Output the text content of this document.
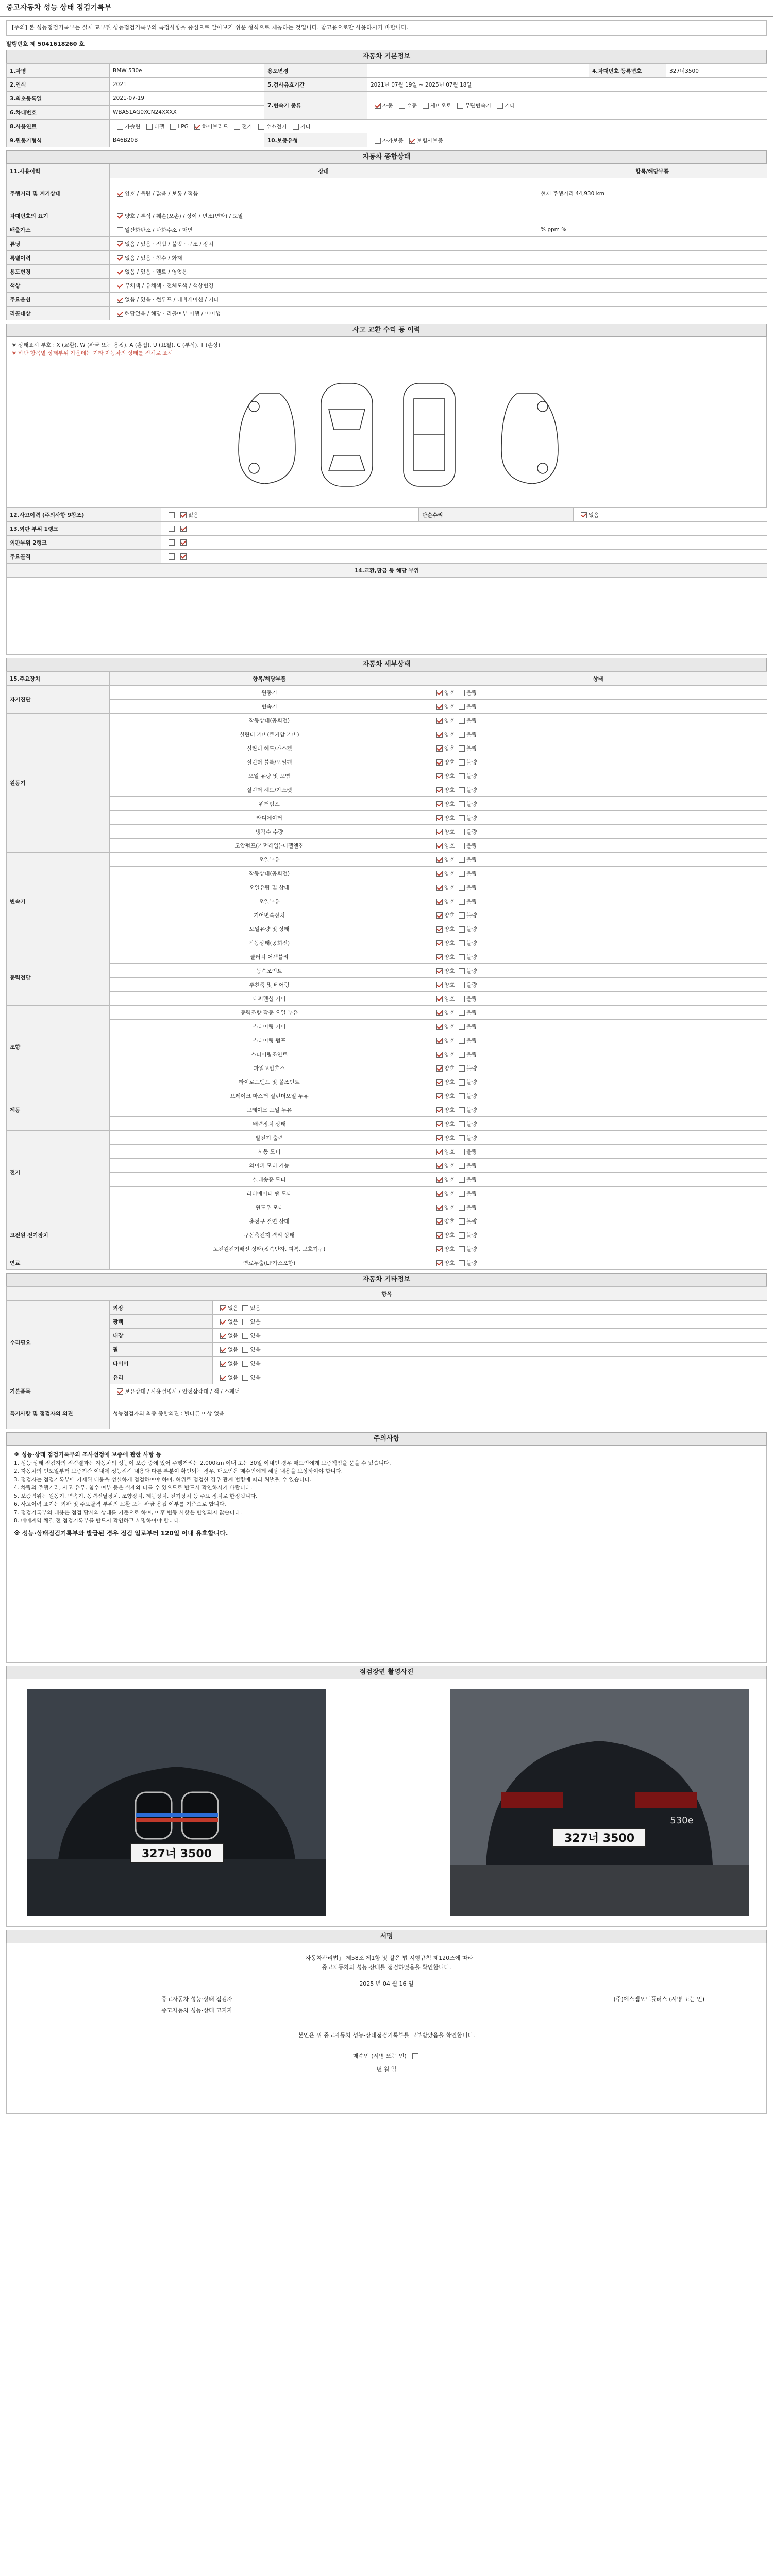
중고자동차 성능 상태 점검기록부
[주의] 본 성능점검기록부는 실제 교부된 성능점검기록부의 특정사항을 중심으로 알아보기 쉬운 형식으로 제공하는 것입니다. 참고용으로만 사용하시기 바랍니다.
발행번호 제 5041618260 호
자동차 기본정보
1.차명	BMW 530e	용도변경		4.차대번호 등록변호	327너3500
2.연식	2021	5.검사유효기간	2021년 07월 19일 ~ 2025년 07월 18일		
3.최초등록일	2021-07-19	7.변속기 종류	자동 수동 세미오토 무단변속기 기타		
6.차대번호	WBA51AG0XCN24XXXX				
8.사용연료	가솔린 디젤 LPG 하이브리드 전기 수소전기 기타				
9.원동기형식	B46B20B	10.보증유형	자가보증 보험사보증		
자동차 종합상태
11.사용이력	상태	항목/해당부품
주행거리 및 계기상태	양호 / 불량 / 많음 / 보통 / 적음	현재 주행거리 44,930 km
차대번호의 표기	양호 / 부식 / 훼손(오손) / 상이 / 변조(변타) / 도말	
배출가스	일산화탄소 / 탄화수소 / 매연	% ppm %
튜닝	없음 / 있음 · 적법 / 불법 · 구조 / 장치	
특별이력	없음 / 있음 · 침수 / 화재	
용도변경	없음 / 있음 · 렌트 / 영업용	
색상	무채색 / 유채색 · 전체도색 / 색상변경	
주요옵션	없음 / 있음 · 썬루프 / 네비게이션 / 기타	
리콜대상	해당없음 / 해당 · 리콜여부 이행 / 미이행	
사고 교환 수리 등 이력
※ 상태표시 부호 : X (교환), W (판금 또는 용접), A (흠집), U (요철), C (부식), T (손상)
※ 하단 항목별 상태부위 가운데는 기타 자동차의 상태를 전체로 표시
12.사고이력 (주의사항 9참조)	없음	단순수리	없음
13.외판 부위 1랭크			
외판부위 2랭크			
주요골격			
14.교환,판금 등 해당 부위			

자동차 세부상태
15.주요장치	항목/해당부품	상태
자기진단	원동기	양호 불량
	변속기	양호 불량
원동기	작동상태(공회전)	양호 불량
	실린더 커버(로커암 커버)	양호 불량
	실린더 헤드/가스켓	양호 불량
	실린더 블록/오일팬	양호 불량
	오일 유량 및 오염	양호 불량
	실린더 헤드/가스켓	양호 불량
	워터펌프	양호 불량
	라디에이터	양호 불량
	냉각수 수량	양호 불량
	고압펌프(커먼레일)-디젤엔진	양호 불량
변속기	오일누유	양호 불량
	작동상태(공회전)	양호 불량
	오일유량 및 상태	양호 불량
	오일누유	양호 불량
	기어변속장치	양호 불량
	오일유량 및 상태	양호 불량
	작동상태(공회전)	양호 불량
동력전달	클러치 어셈블리	양호 불량
	등속조인트	양호 불량
	추친축 및 베어링	양호 불량
	디퍼렌셜 기어	양호 불량
조향	동력조향 작동 오일 누유	양호 불량
	스티어링 기어	양호 불량
	스티어링 펌프	양호 불량
	스티어링조인트	양호 불량
	파워고압호스	양호 불량
	타이로드엔드 및 볼조인트	양호 불량
제동	브레이크 마스터 실린더오일 누유	양호 불량
	브레이크 오일 누유	양호 불량
	배력장치 상태	양호 불량
전기	발전기 출력	양호 불량
	시동 모터	양호 불량
	와이퍼 모터 기능	양호 불량
	실내송풍 모터	양호 불량
	라디에이터 팬 모터	양호 불량
	윈도우 모터	양호 불량
고전원 전기장치	충전구 절연 상태	양호 불량
	구동축전지 격리 상태	양호 불량
	고전원전기배선 상태(접속단자, 피복, 보호기구)	양호 불량
연료	연료누출(LP가스포함)	양호 불량
자동차 기타정보
항목		
수리필요	외장	없음 있음
	광택	없음 있음
	내장	없음 있음
	휠	없음 있음
	타이어	없음 있음
	유리	없음 있음
기본품목	보유상태 / 사용설명서 / 안전삼각대 / 잭 / 스패너	
특기사항 및 점검자의 의견	성능점검자의 최종 종합의견 : 별다른 이상 없음	
주의사항
※ 성능·상태 점검기록부의 조사선정에 보증에 관한 사항 등
1. 성능·상태 점검자의 점검결과는 자동차의 성능이 보증 중에 있어 주행거리는 2,000km 이내 또는 30일 이내인 경우 매도인에게 보증책임을 묻을 수 있습니다.
2. 자동차의 인도일부터 보증기간 이내에 성능점검 내용과 다른 부분이 확인되는 경우, 매도인은 매수인에게 해당 내용을 보상하여야 합니다.
3. 점검자는 점검기록부에 기재된 내용을 성실하게 점검하여야 하며, 허위로 점검한 경우 관계 법령에 따라 처벌될 수 있습니다.
4. 차량의 주행거리, 사고 유무, 침수 여부 등은 실제와 다를 수 있으므로 반드시 확인하시기 바랍니다.
5. 보증범위는 원동기, 변속기, 동력전달장치, 조향장치, 제동장치, 전기장치 등 주요 장치로 한정됩니다.
6. 사고이력 표기는 외판 및 주요골격 부위의 교환 또는 판금 용접 여부를 기준으로 합니다.
7. 점검기록부의 내용은 점검 당시의 상태를 기준으로 하며, 이후 변동 사항은 반영되지 않습니다.
8. 매매계약 체결 전 점검기록부를 반드시 확인하고 서명하여야 합니다.
※ 성능·상태점검기록부와 발급된 경우 점검 일로부터 120일 이내 유효합니다.
점검장면 촬영사진
327너 3500
530e
327너 3500
서명
「자동차관리법」 제58조 제1항 및 같은 법 시행규칙 제120조에 따라
중고자동차의 성능·상태를 점검하였음을 확인합니다.
2025 년 04 월 16 일
중고자동차 성능·상태 점검자	(주)에스엠오토플러스 (서명 또는 인)
중고자동차 성능·상태 고지자
본인은 위 중고자동차 성능·상태점검기록부를 교부받았음을 확인합니다.
매수인 (서명 또는 인)
년 월 일
